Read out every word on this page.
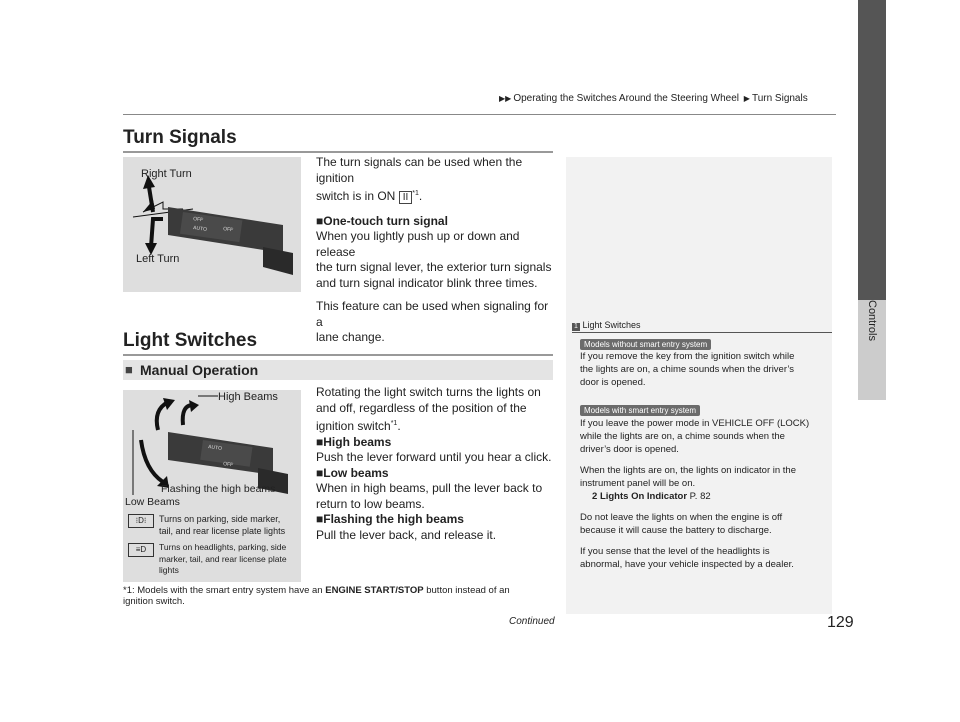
▶▶ Operating the Switches Around the Steering Wheel ▶ Turn Signals
Controls
Turn Signals
OFF
AUTO	OFF
Right Turn
Left Turn
The turn signals can be used when the ignition
switch is in ON II $^{*1}$.
■One-touch turn signal
When you lightly push up or down and release
the turn signal lever, the exterior turn signals
and turn signal indicator blink three times.
This feature can be used when signaling for a
lane change.
Light Switches
■ Manual Operation
AUTO
OFF
High Beams
Flashing the high beams
Low Beams
⁝D⁝	Turns on parking, side marker,
tail, and rear license plate lights
≡D	Turns on headlights, parking, side
marker, tail, and rear license plate
lights
Rotating the light switch turns the lights on
and off, regardless of the position of the
ignition switch$^{*1}$.
■High beams
Push the lever forward until you hear a click.
■Low beams
When in high beams, pull the lever back to
return to low beams.
■Flashing the high beams
Pull the lever back, and release it.
*1: Models with the smart entry system have an ENGINE START/STOP button instead of an
ignition switch.
1 Light Switches
Models without smart entry system
If you remove the key from the ignition switch while
the lights are on, a chime sounds when the driver’s
door is opened.
Models with smart entry system
If you leave the power mode in VEHICLE OFF (LOCK)
while the lights are on, a chime sounds when the
driver’s door is opened.
When the lights are on, the lights on indicator in the
instrument panel will be on.
2 Lights On Indicator P. 82
Do not leave the lights on when the engine is off
because it will cause the battery to discharge.
If you sense that the level of the headlights is
abnormal, have your vehicle inspected by a dealer.
Continued	129
